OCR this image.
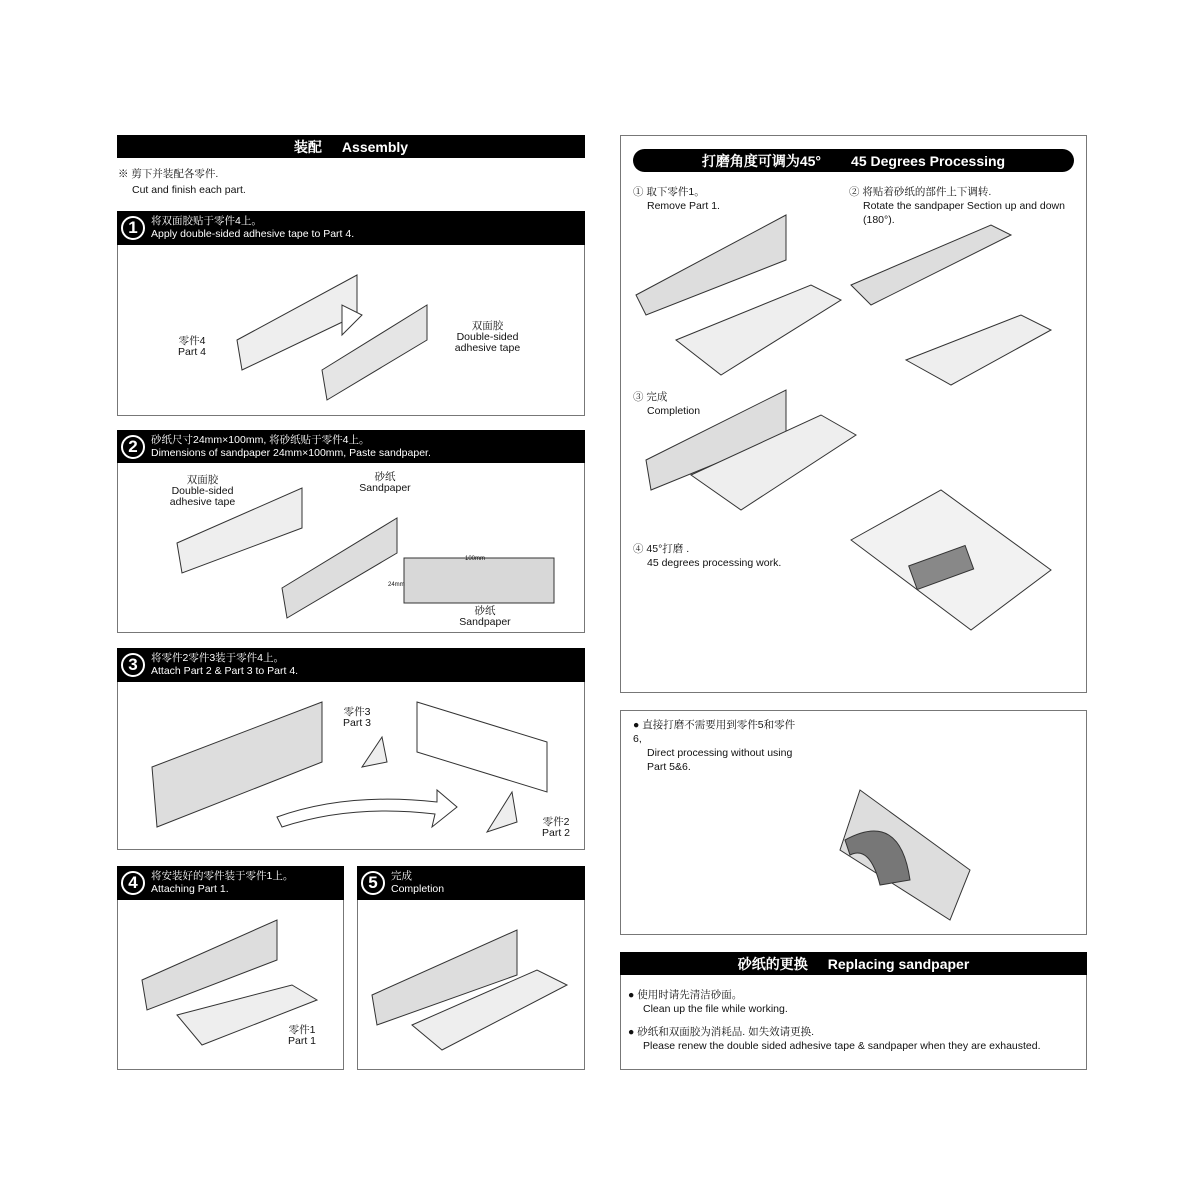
装配 Assembly
※ 剪下并装配各零件.
Cut and finish each part.
1	将双面胶贴于零件4上。
Apply double-sided adhesive tape to Part 4.
零件4
Part 4
双面胶
Double-sided adhesive tape
2	砂纸尺寸24mm×100mm, 将砂纸贴于零件4上。
Dimensions of sandpaper 24mm×100mm, Paste sandpaper.
双面胶
Double-sided adhesive tape
砂纸
Sandpaper
100mm
24mm
砂纸
Sandpaper
3	将零件2零件3装于零件4上。
Attach Part 2 & Part 3 to Part 4.
零件3
Part 3
零件2
Part 2
4	将安装好的零件装于零件1上。
Attaching Part 1.
零件1
Part 1
5	完成
Completion
打磨角度可调为45° 45 Degrees Processing
① 取下零件1。
Remove Part 1.
② 将贴着砂纸的部件上下调转.
Rotate the sandpaper Section up and down (180°).
③ 完成
Completion
④ 45°打磨 .
45 degrees processing work.
● 直接打磨不需要用到零件5和零件6,
Direct processing without using Part 5&6.
砂纸的更换 Replacing sandpaper
● 使用时请先清洁砂面。
Clean up the file while working.
● 砂纸和双面胶为消耗品. 如失效请更换.
Please renew the double sided adhesive tape & sandpaper when they are exhausted.
